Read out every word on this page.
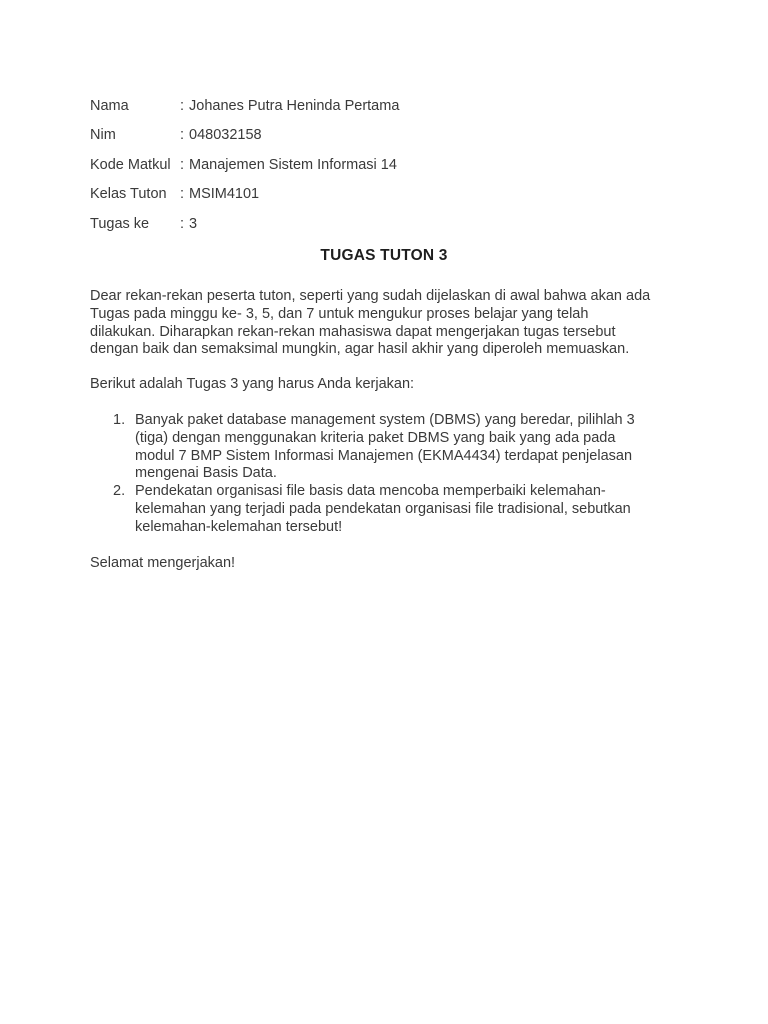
Nama	: Johanes Putra Heninda Pertama
Nim	: 048032158
Kode Matkul : Manajemen Sistem Informasi 14
Kelas Tuton : MSIM4101
Tugas ke	: 3
TUGAS TUTON 3
Dear rekan-rekan peserta tuton, seperti yang sudah dijelaskan di awal bahwa akan ada
Tugas pada minggu ke- 3, 5, dan 7 untuk mengukur proses belajar yang telah
dilakukan. Diharapkan rekan-rekan mahasiswa dapat mengerjakan tugas tersebut
dengan baik dan semaksimal mungkin, agar hasil akhir yang diperoleh memuaskan.
Berikut adalah Tugas 3 yang harus Anda kerjakan:
1. Banyak paket database management system (DBMS) yang beredar, pilihlah 3
(tiga) dengan menggunakan kriteria paket DBMS yang baik yang ada pada
modul 7 BMP Sistem Informasi Manajemen (EKMA4434) terdapat penjelasan
mengenai Basis Data.
2. Pendekatan organisasi file basis data mencoba memperbaiki kelemahan-
kelemahan yang terjadi pada pendekatan organisasi file tradisional, sebutkan
kelemahan-kelemahan tersebut!
Selamat mengerjakan!
